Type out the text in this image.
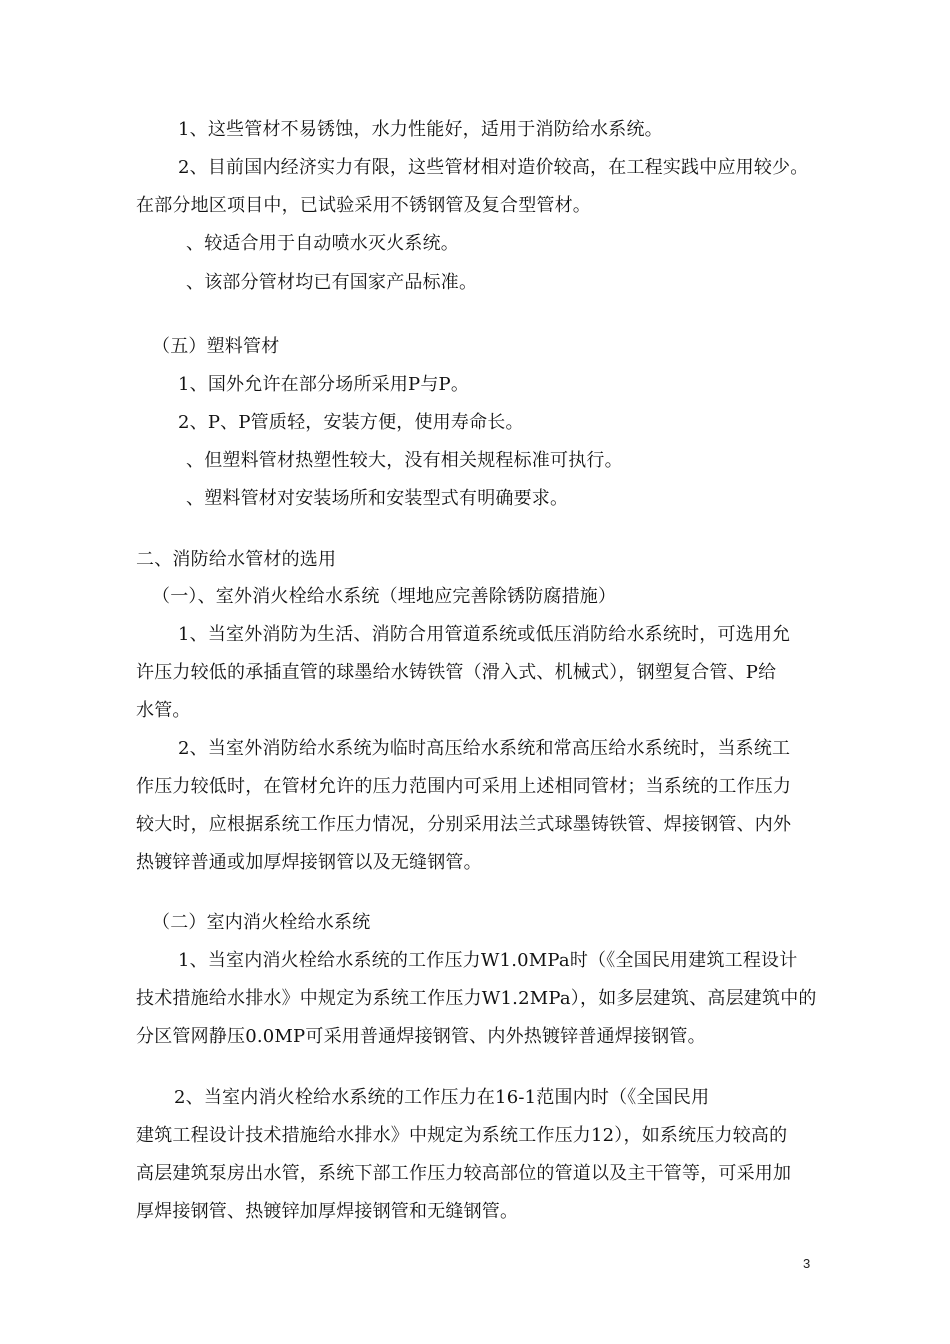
1、这些管材不易锈蚀，水力性能好，适用于消防给水系统。
2、目前国内经济实力有限，这些管材相对造价较高，在工程实践中应用较少。
在部分地区项目中，已试验采用不锈钢管及复合型管材。
、较适合用于自动喷水灭火系统。
、该部分管材均已有国家产品标准。
（五）塑料管材
1、国外允许在部分场所采用P与P。
2、P、P管质轻，安装方便，使用寿命长。
、但塑料管材热塑性较大，没有相关规程标准可执行。
、塑料管材对安装场所和安装型式有明确要求。
二、消防给水管材的选用
（一）、室外消火栓给水系统（埋地应完善除锈防腐措施）
1、当室外消防为生活、消防合用管道系统或低压消防给水系统时，可选用允
许压力较低的承插直管的球墨给水铸铁管（滑入式、机械式），钢塑复合管、P给
水管。
2、当室外消防给水系统为临时高压给水系统和常高压给水系统时，当系统工
作压力较低时，在管材允许的压力范围内可采用上述相同管材；当系统的工作压力
较大时，应根据系统工作压力情况，分别采用法兰式球墨铸铁管、焊接钢管、内外
热镀锌普通或加厚焊接钢管以及无缝钢管。
（二）室内消火栓给水系统
1、当室内消火栓给水系统的工作压力W1.0MPa时（《全国民用建筑工程设计
技术措施给水排水》中规定为系统工作压力W1.2MPa），如多层建筑、高层建筑中的
分区管网静压0.0MP可采用普通焊接钢管、内外热镀锌普通焊接钢管。
2、当室内消火栓给水系统的工作压力在16-1范围内时（《全国民用
建筑工程设计技术措施给水排水》中规定为系统工作压力12），如系统压力较高的
高层建筑泵房出水管，系统下部工作压力较高部位的管道以及主干管等，可采用加
厚焊接钢管、热镀锌加厚焊接钢管和无缝钢管。
3
